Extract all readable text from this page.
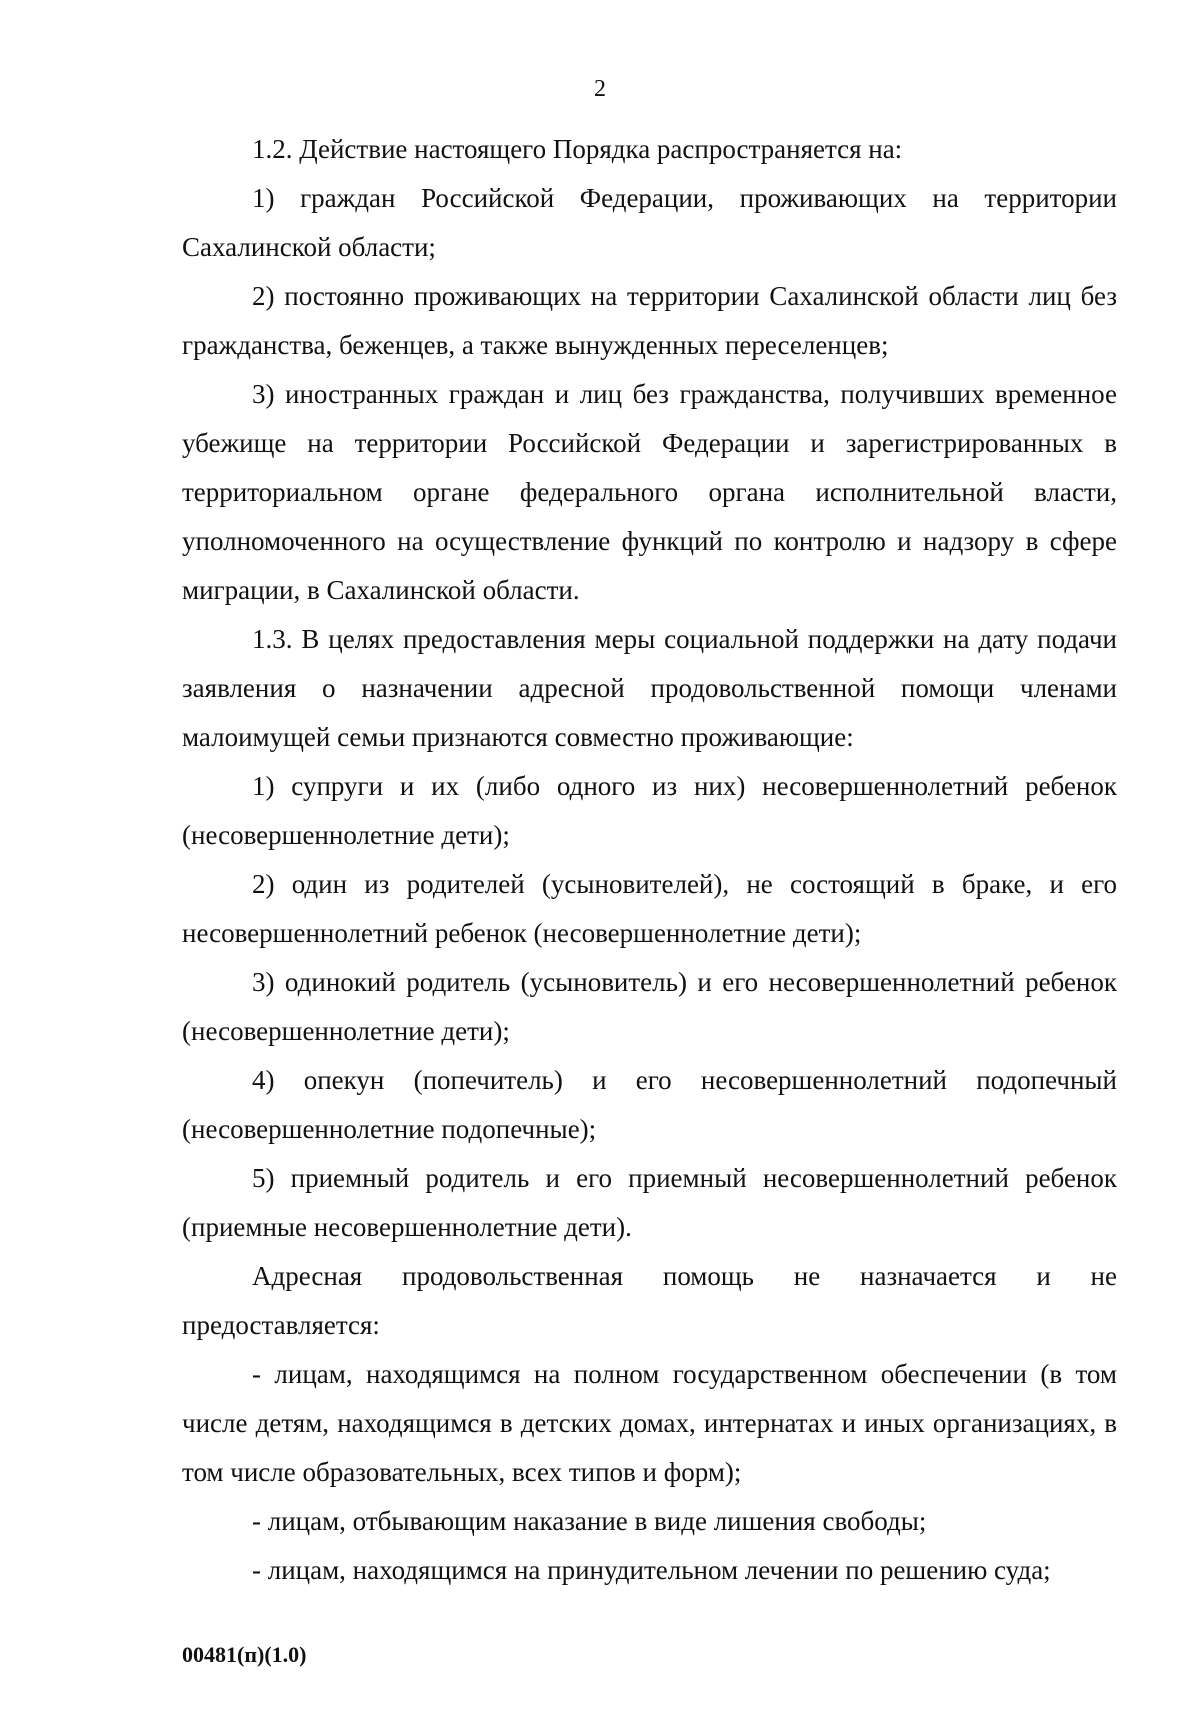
2

1.2. Действие настоящего Порядка распространяется на:

1) граждан Российской Федерации, проживающих на территории Сахалинской области;

2) постоянно проживающих на территории Сахалинской области лиц без гражданства, беженцев, а также вынужденных переселенцев;

3) иностранных граждан и лиц без гражданства, получивших временное убежище на территории Российской Федерации и зарегистрированных в территориальном органе федерального органа исполнительной власти, уполномоченного на осуществление функций по контролю и надзору в сфере миграции, в Сахалинской области.

1.3. В целях предоставления меры социальной поддержки на дату подачи заявления о назначении адресной продовольственной помощи членами малоимущей семьи признаются совместно проживающие:

1) супруги и их (либо одного из них) несовершеннолетний ребенок (несовершеннолетние дети);

2) один из родителей (усыновителей), не состоящий в браке, и его несовершеннолетний ребенок (несовершеннолетние дети);

3) одинокий родитель (усыновитель) и его несовершеннолетний ребенок (несовершеннолетние дети);

4) опекун (попечитель) и его несовершеннолетний подопечный (несовершеннолетние подопечные);

5) приемный родитель и его приемный несовершеннолетний ребенок (приемные несовершеннолетние дети).

Адресная продовольственная помощь не назначается и не предоставляется:

- лицам, находящимся на полном государственном обеспечении (в том числе детям, находящимся в детских домах, интернатах и иных организациях, в том числе образовательных, всех типов и форм);

- лицам, отбывающим наказание в виде лишения свободы;

- лицам, находящимся на принудительном лечении по решению суда;

00481(п)(1.0)
